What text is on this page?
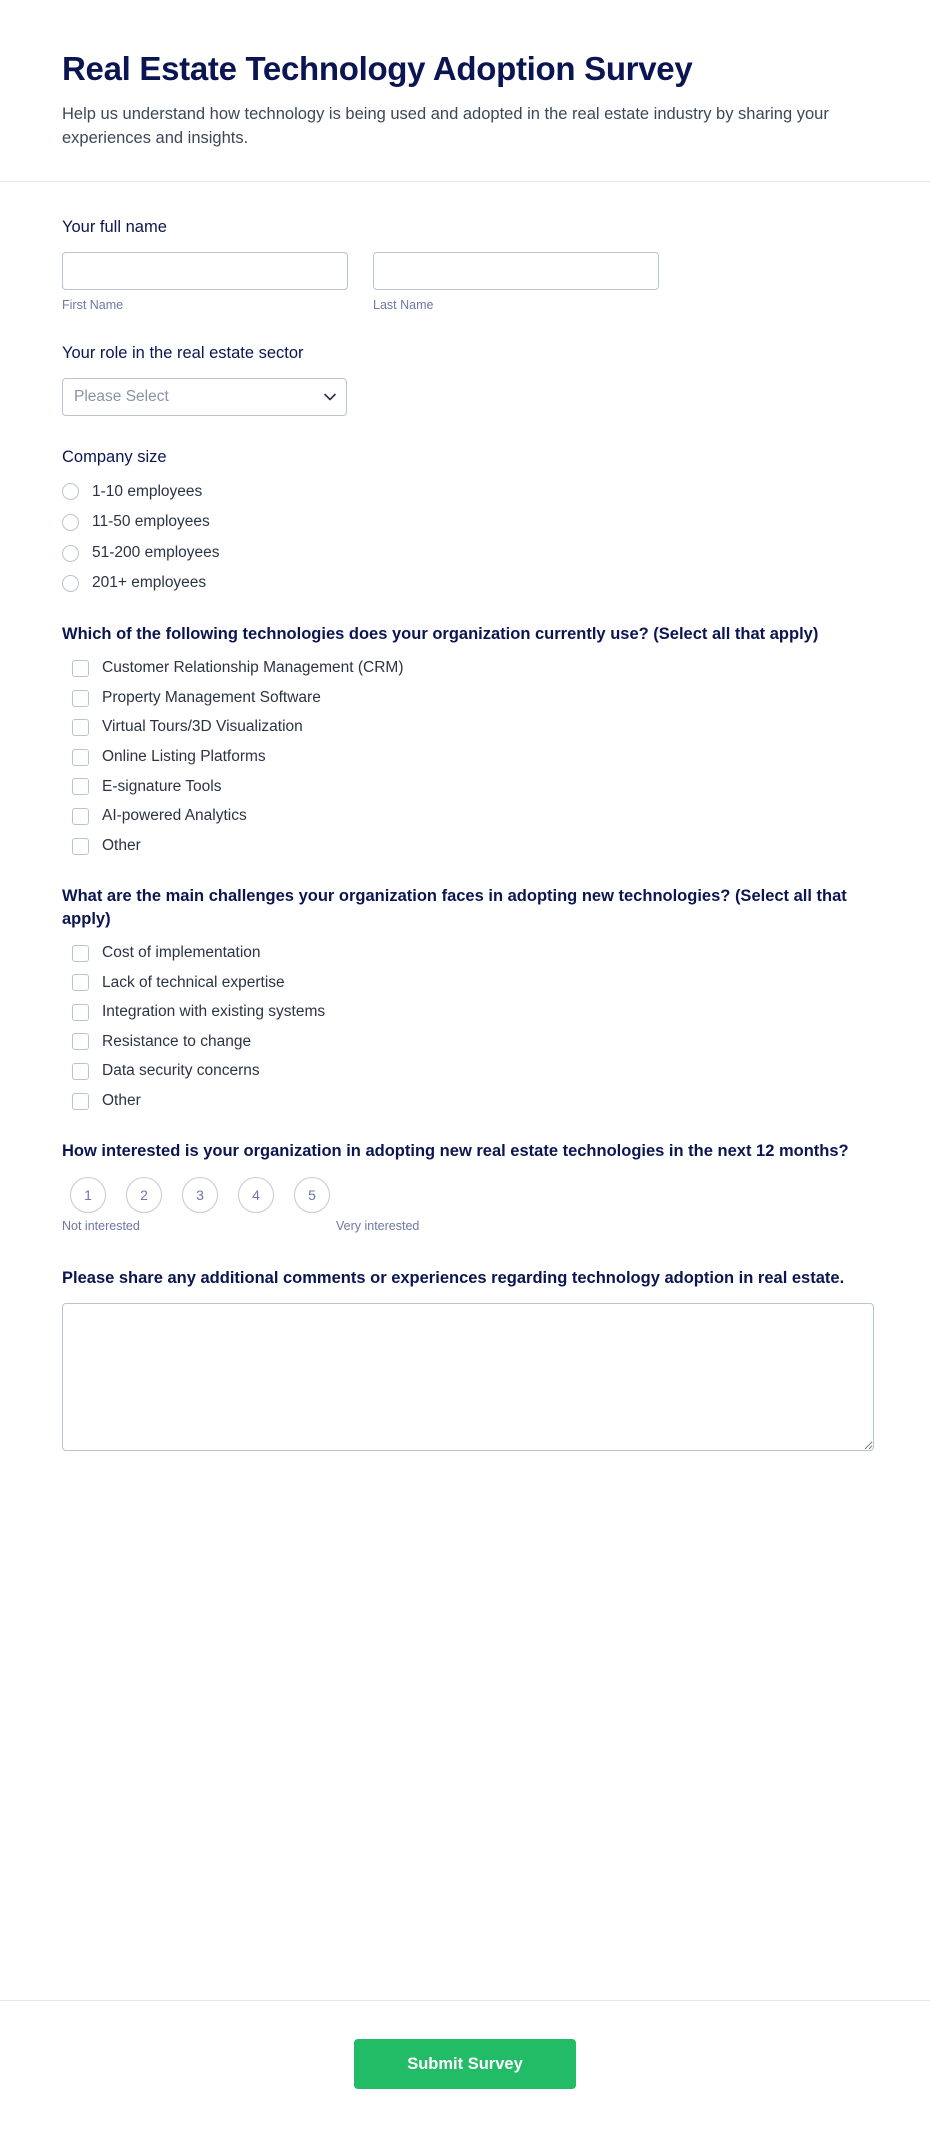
Real Estate Technology Adoption Survey

Help us understand how technology is being used and adopted in the real estate industry by sharing your experiences and insights.

Your full name
First Name	Last Name
Your role in the real estate sector
Please Select
Company size
1-10 employees
11-50 employees
51-200 employees
201+ employees
Which of the following technologies does your organization currently use? (Select all that apply)
Customer Relationship Management (CRM)
Property Management Software
Virtual Tours/3D Visualization
Online Listing Platforms
E-signature Tools
AI-powered Analytics
Other
What are the main challenges your organization faces in adopting new technologies? (Select all that apply)
Cost of implementation
Lack of technical expertise
Integration with existing systems
Resistance to change
Data security concerns
Other
How interested is your organization in adopting new real estate technologies in the next 12 months?
1	2	3	4	5
Not interested	Very interested
Please share any additional comments or experiences regarding technology adoption in real estate.
Submit Survey
